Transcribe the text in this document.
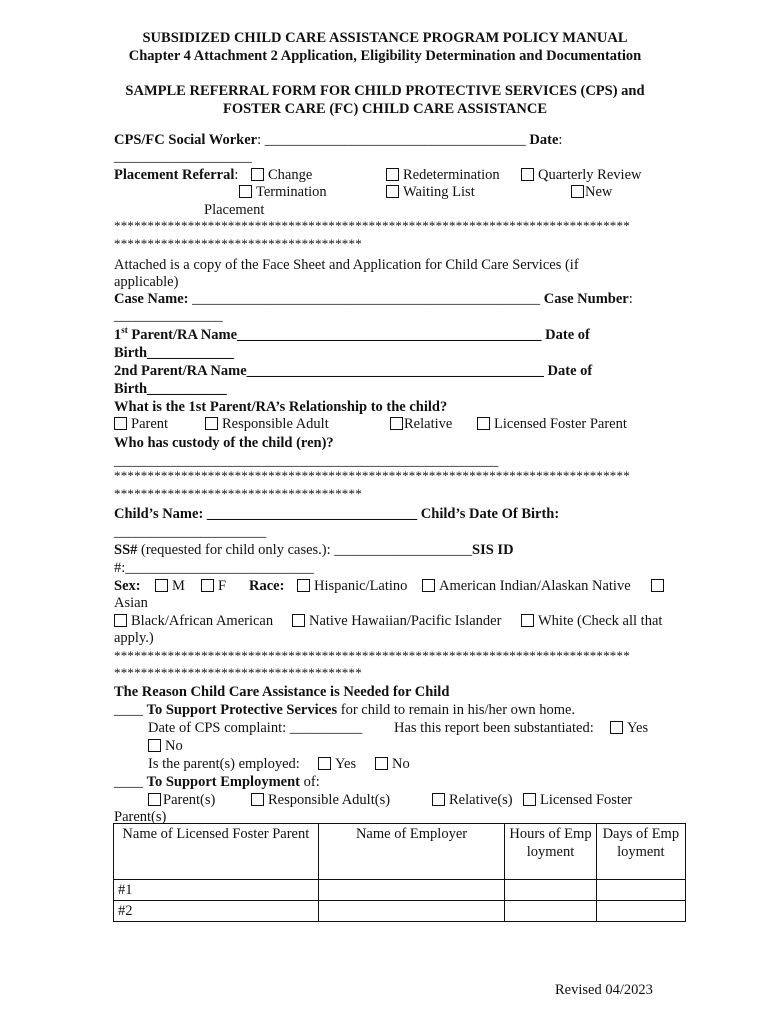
SUBSIDIZED CHILD CARE ASSISTANCE PROGRAM POLICY MANUAL
Chapter 4 Attachment 2 Application, Eligibility Determination and Documentation
SAMPLE REFERRAL FORM FOR CHILD PROTECTIVE SERVICES (CPS) and
FOSTER CARE (FC) CHILD CARE ASSISTANCE
CPS/FC Social Worker: ____________________________________ Date:
___________________
Placement Referral:	Change	Redetermination	Quarterly Review
Termination	Waiting List	New
Placement
*****************************************************************************
*************************************
Attached is a copy of the Face Sheet and Application for Child Care Services (if
applicable)
Case Name: ________________________________________________ Case Number:
_______________
1st Parent/RA Name__________________________________________ Date of
Birth____________
2nd Parent/RA Name_________________________________________ Date of
Birth___________
What is the 1st Parent/RA’s Relationship to the child?
Parent	Responsible Adult	Relative	Licensed Foster Parent
Who has custody of the child (ren)?
_____________________________________________________
*****************************************************************************
*************************************
Child’s Name: _____________________________ Child’s Date Of Birth:
_____________________
SS# (requested for child only cases.): ___________________SIS ID
#:__________________________
Sex:	M	F Race:	Hispanic/Latino	American Indian/Alaskan Native
Asian
Black/African American	Native Hawaiian/Pacific Islander	White (Check all that
apply.)
*****************************************************************************
*************************************
The Reason Child Care Assistance is Needed for Child
____ To Support Protective Services for child to remain in his/her own home.
Date of CPS complaint: __________ Has this report been substantiated:	Yes
No
Is the parent(s) employed:	Yes	No
____ To Support Employment of:
Parent(s)	Responsible Adult(s)	Relative(s)	Licensed Foster
Parent(s)
Name of Licensed Foster Parent	Name of Employer	Hours of Employment	Days of Employment
#1			
#2			
Revised 04/2023
